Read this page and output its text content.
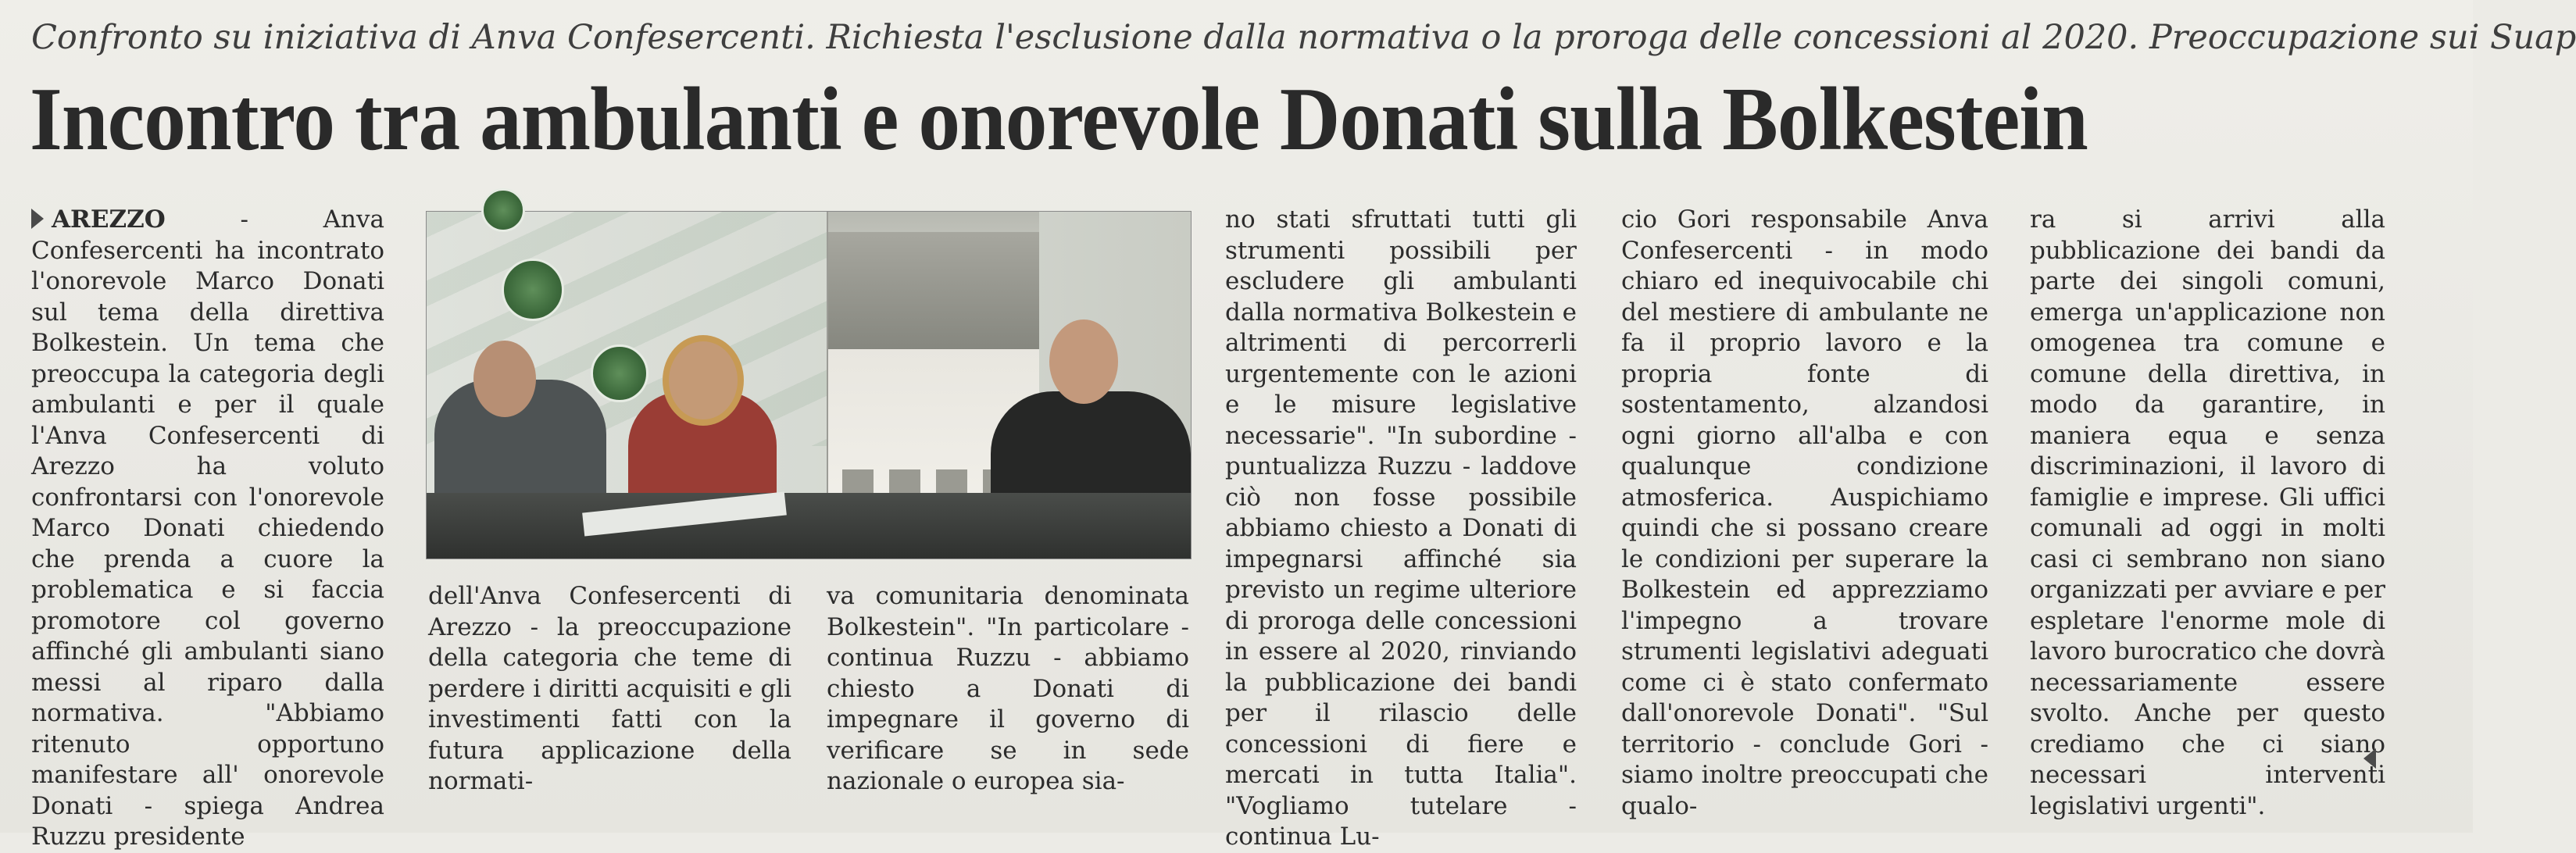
Confronto su iniziativa di Anva Confesercenti. Richiesta l'esclusione dalla normativa o la proroga delle concessioni al 2020. Preoccupazione sui Suap
Incontro tra ambulanti e onorevole Donati sulla Bolkestein

AREZZO - Anva Confesercenti ha incontrato l'onorevole Marco Donati sul tema della direttiva Bolkestein. Un tema che preoccupa la categoria degli ambulanti e per il quale l'Anva Confesercenti di Arezzo ha voluto confrontarsi con l'onorevole Marco Donati chiedendo che prenda a cuore la problematica e si faccia promotore col governo affinché gli ambulanti siano messi al riparo dalla normativa. "Abbiamo ritenuto opportuno manifestare all' onorevole Donati - spiega Andrea Ruzzu presidente

dell'Anva Confesercenti di Arezzo - la preoccupazione della categoria che teme di perdere i diritti acquisiti e gli investimenti fatti con la futura applicazione della normati-

va comunitaria denominata Bolkestein". "In particolare - continua Ruzzu - abbiamo chiesto a Donati di impegnare il governo di verificare se in sede nazionale o europea sia-

no stati sfruttati tutti gli strumenti possibili per escludere gli ambulanti dalla normativa Bolkestein e altrimenti di percorrerli urgentemente con le azioni e le misure legislative necessarie". "In subordine - puntualizza Ruzzu - laddove ciò non fosse possibile abbiamo chiesto a Donati di impegnarsi affinché sia previsto un regime ulteriore di proroga delle concessioni in essere al 2020, rinviando la pubblicazione dei bandi per il rilascio delle concessioni di fiere e mercati in tutta Italia". "Vogliamo tutelare - continua Lu-

cio Gori responsabile Anva Confesercenti - in modo chiaro ed inequivocabile chi del mestiere di ambulante ne fa il proprio lavoro e la propria fonte di sostentamento, alzandosi ogni giorno all'alba e con qualunque condizione atmosferica. Auspichiamo quindi che si possano creare le condizioni per superare la Bolkestein ed apprezziamo l'impegno a trovare strumenti legislativi adeguati come ci è stato confermato dall'onorevole Donati". "Sul territorio - conclude Gori - siamo inoltre preoccupati che qualo-

ra si arrivi alla pubblicazione dei bandi da parte dei singoli comuni, emerga un'applicazione non omogenea tra comune e comune della direttiva, in modo da garantire, in maniera equa e senza discriminazioni, il lavoro di famiglie e imprese. Gli uffici comunali ad oggi in molti casi ci sembrano non siano organizzati per avviare e per espletare l'enorme mole di lavoro burocratico che dovrà necessariamente essere svolto. Anche per questo crediamo che ci siano necessari interventi legislativi urgenti".
